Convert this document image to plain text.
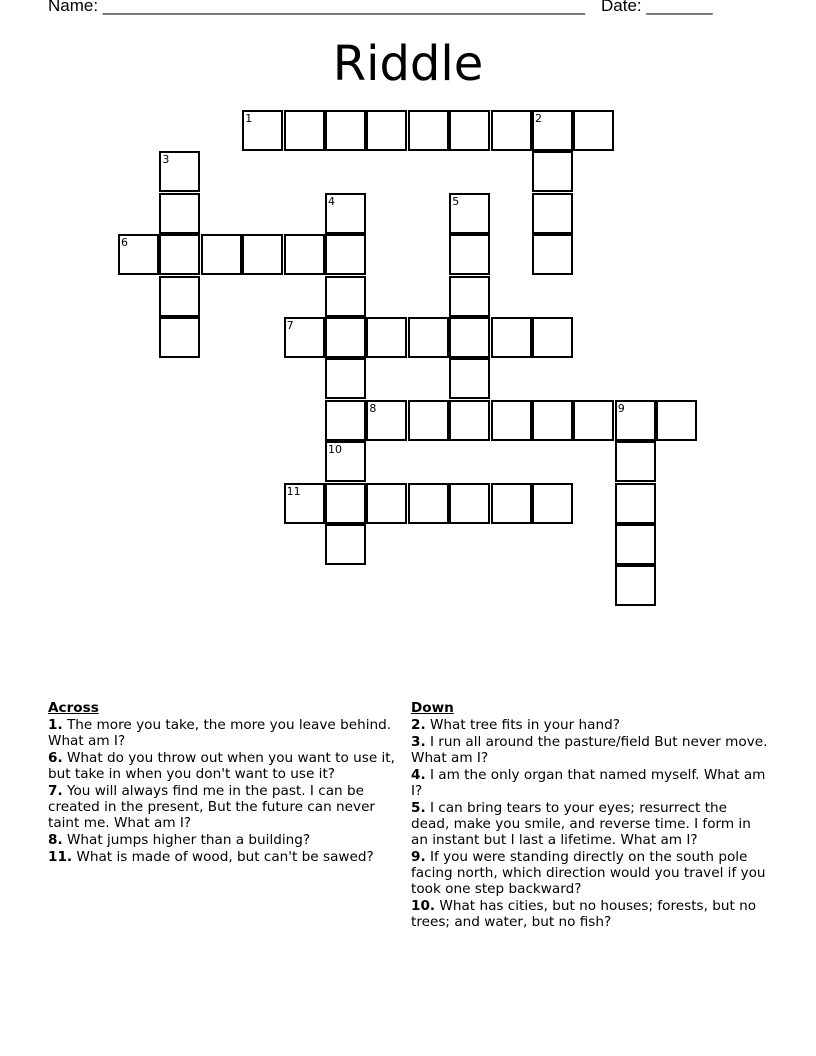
Name: ___________________________________________________ Date: _______
Riddle
1	2
6
7
8	9
11
3
4	5
10
Across
1. The more you take, the more you leave behind. What am I?
6. What do you throw out when you want to use it, but take in when you don't want to use it?
7. You will always find me in the past. I can be created in the present, But the future can never taint me. What am I?
8. What jumps higher than a building?
11. What is made of wood, but can't be sawed?
Down
2. What tree fits in your hand?
3. I run all around the pasture/field But never move. What am I?
4. I am the only organ that named myself. What am I?
5. I can bring tears to your eyes; resurrect the dead, make you smile, and reverse time. I form in an instant but I last a lifetime. What am I?
9. If you were standing directly on the south pole facing north, which direction would you travel if you took one step backward?
10. What has cities, but no houses; forests, but no trees; and water, but no fish?
